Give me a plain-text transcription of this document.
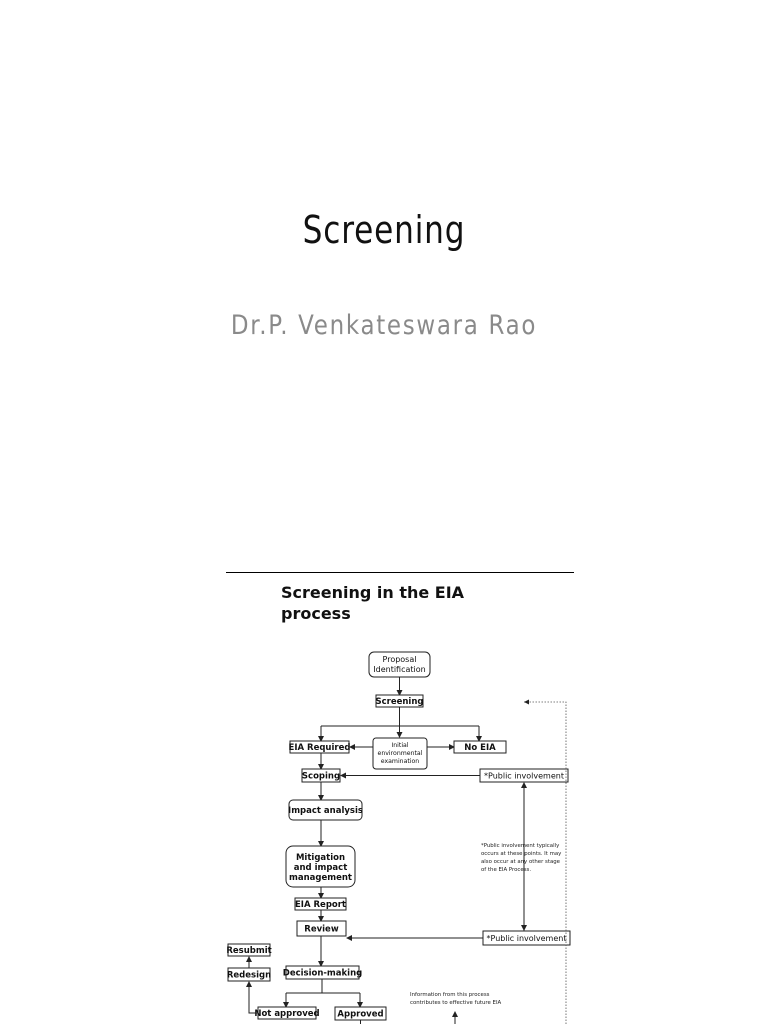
Screening
Dr.P. Venkateswara Rao
Screening in the EIA
process
Proposal
Identification
Screening
EIA Required	Initial
environmental
examination
No EIA
Scoping	*Public involvement
Impact analysis
Mitigation
and impact
management
EIA Report
Review
*Public involvement
*Public involvement typically
occurs at these points. It may
also occur at any other stage
of the EIA Process.
Resubmit
Redesign Decision-making
Not approved Approved
Information from this process
contributes to effective future EIA
